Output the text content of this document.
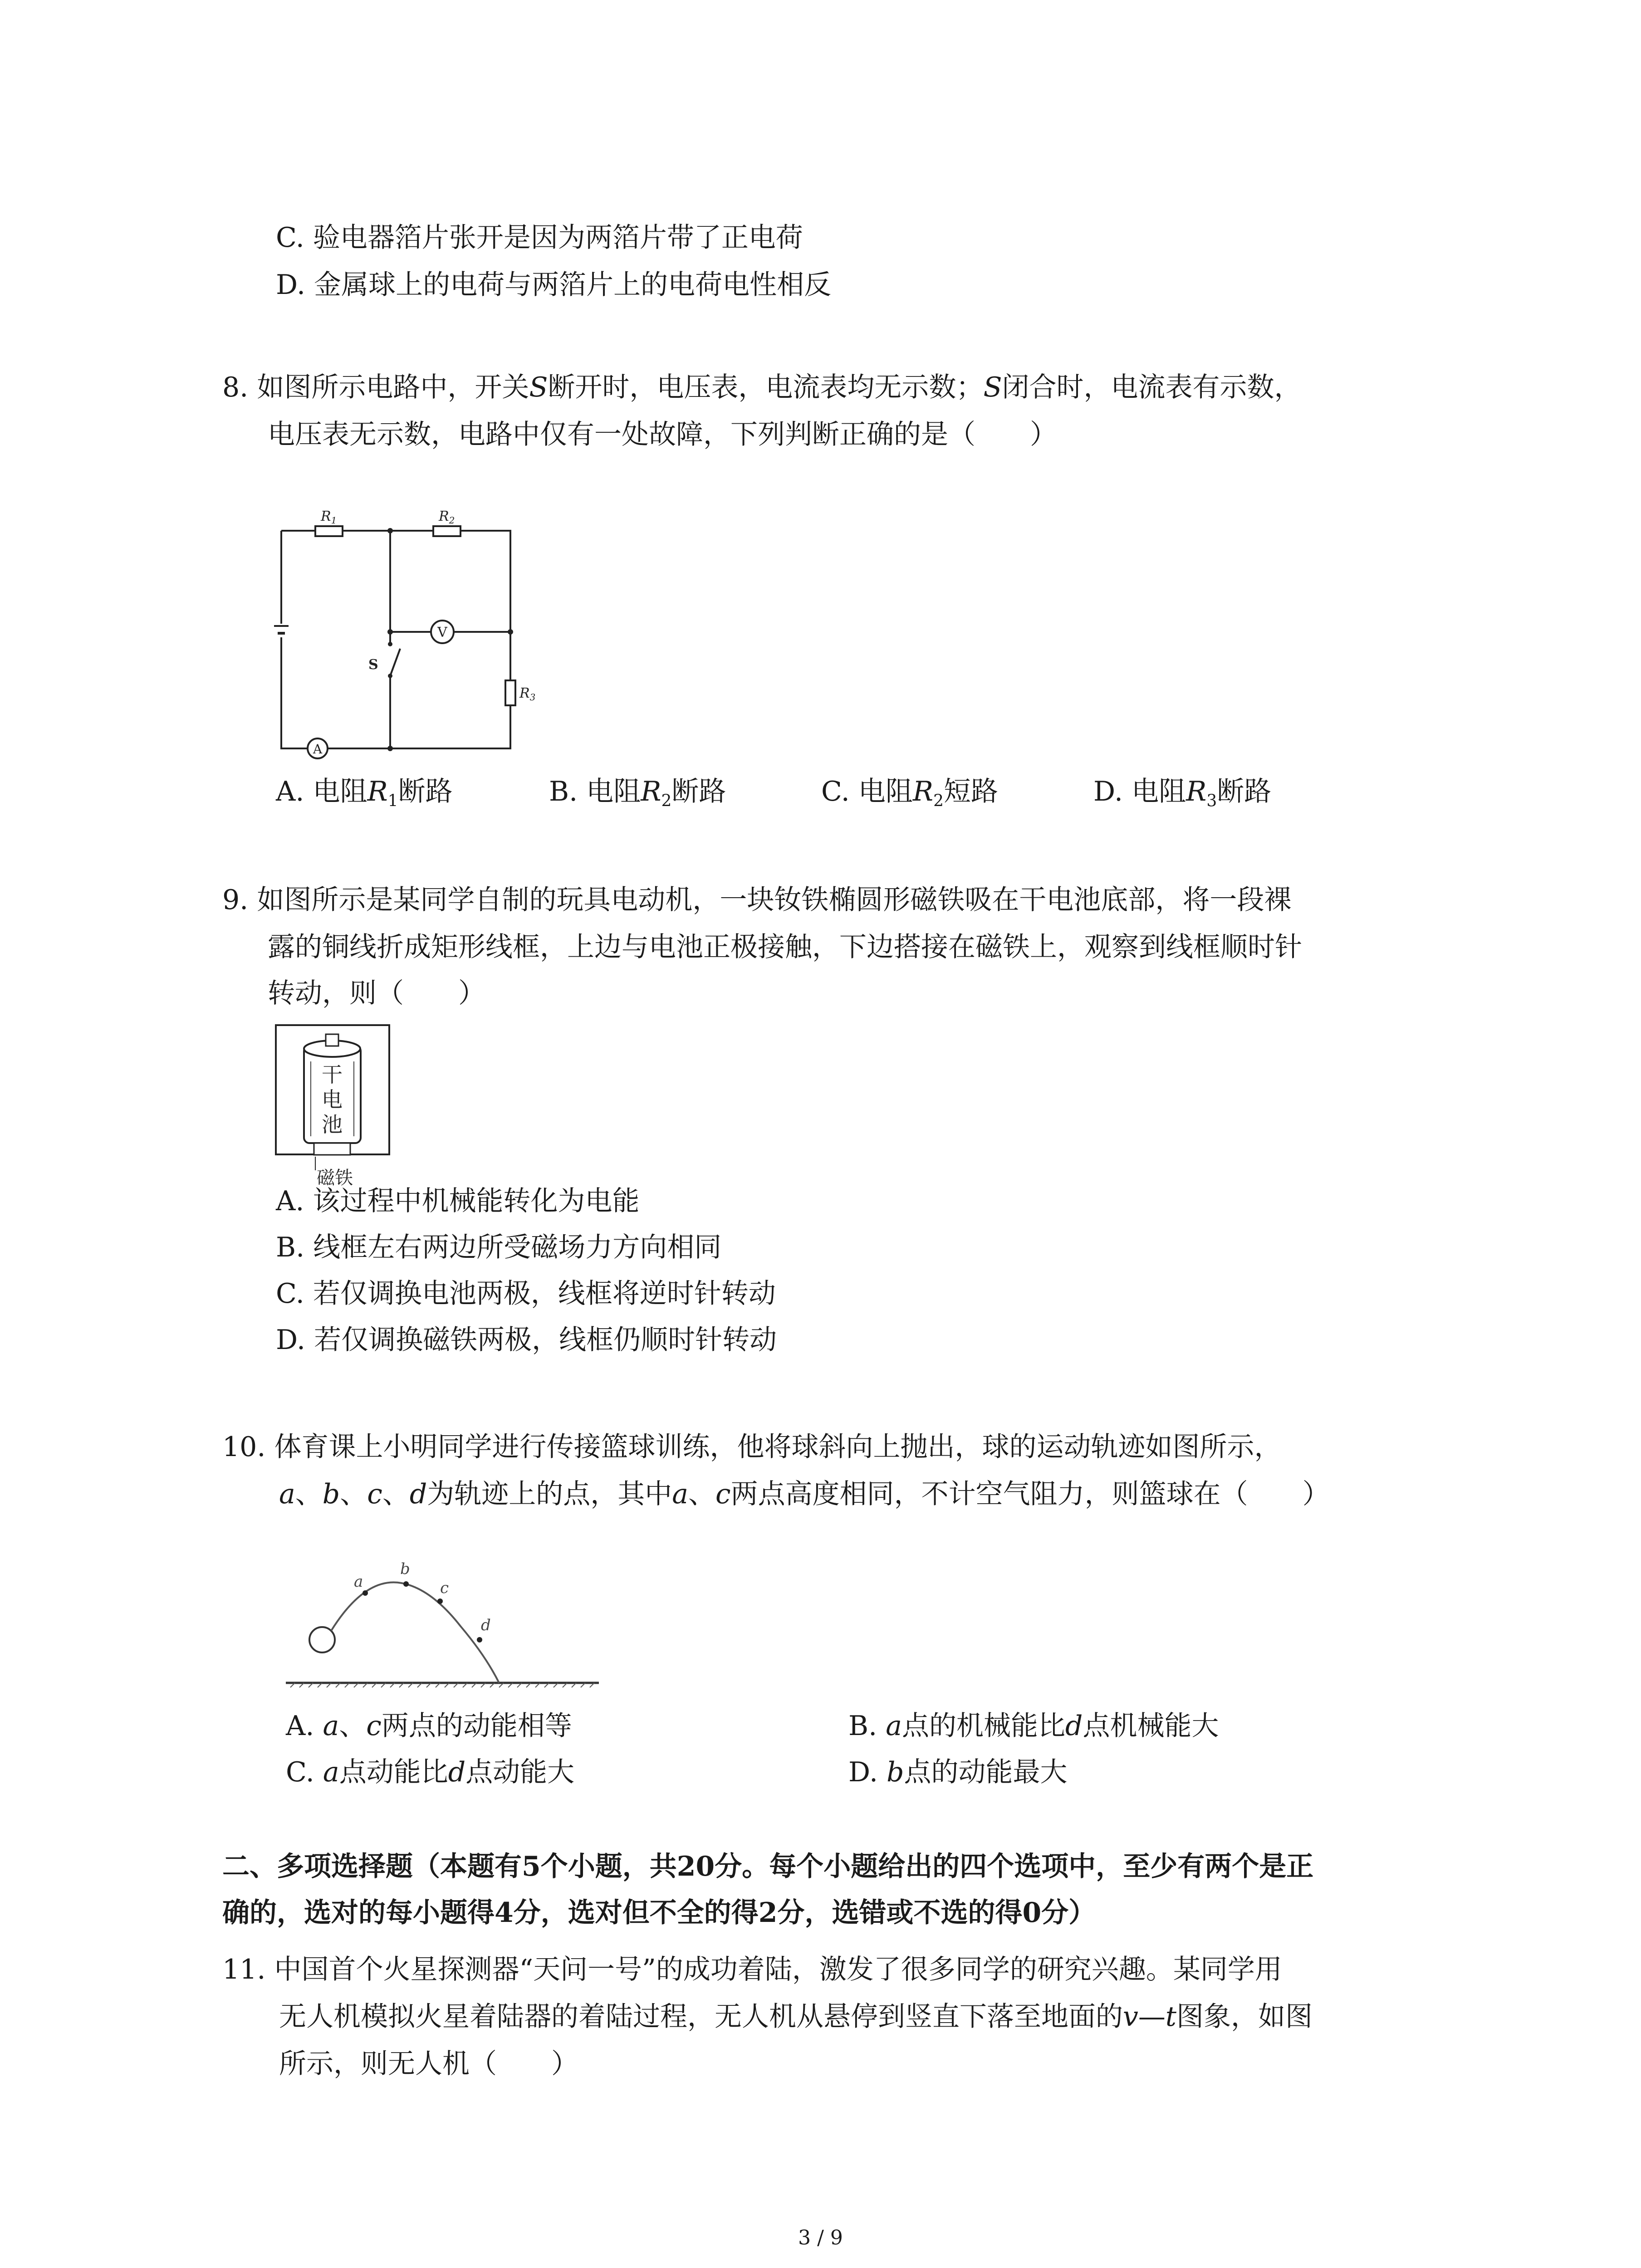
C. 验电器箔片张开是因为两箔片带了正电荷
D. 金属球上的电荷与两箔片上的电荷电性相反
8. 如图所示电路中，开关S断开时，电压表，电流表均无示数；S闭合时，电流表有示数，
电压表无示数，电路中仅有一处故障，下列判断正确的是（　　）
$R_1$	$R_2$
$R_3$
S
V
A
A. 电阻$R_1$断路	B. 电阻$R_2$断路	C. 电阻$R_2$短路	D. 电阻$R_3$断路
9. 如图所示是某同学自制的玩具电动机，一块钕铁椭圆形磁铁吸在干电池底部，将一段裸
露的铜线折成矩形线框，上边与电池正极接触，下边搭接在磁铁上，观察到线框顺时针
转动，则（　　）
干
电
池
磁铁
A. 该过程中机械能转化为电能
B. 线框左右两边所受磁场力方向相同
C. 若仅调换电池两极，线框将逆时针转动
D. 若仅调换磁铁两极，线框仍顺时针转动
10. 体育课上小明同学进行传接篮球训练，他将球斜向上抛出，球的运动轨迹如图所示，
a、b、c、d为轨迹上的点，其中a、c两点高度相同，不计空气阻力，则篮球在（　　）
a
b
c
d
A. a、c两点的动能相等	B. a点的机械能比d点机械能大
C. a点动能比d点动能大	D. b点的动能最大
二、多项选择题（本题有5个小题，共20分。每个小题给出的四个选项中，至少有两个是正
确的，选对的每小题得4分，选对但不全的得2分，选错或不选的得0分）
11. 中国首个火星探测器“天问一号”的成功着陆，激发了很多同学的研究兴趣。某同学用
无人机模拟火星着陆器的着陆过程，无人机从悬停到竖直下落至地面的v—t图象，如图
所示，则无人机（　　）
3 / 9
